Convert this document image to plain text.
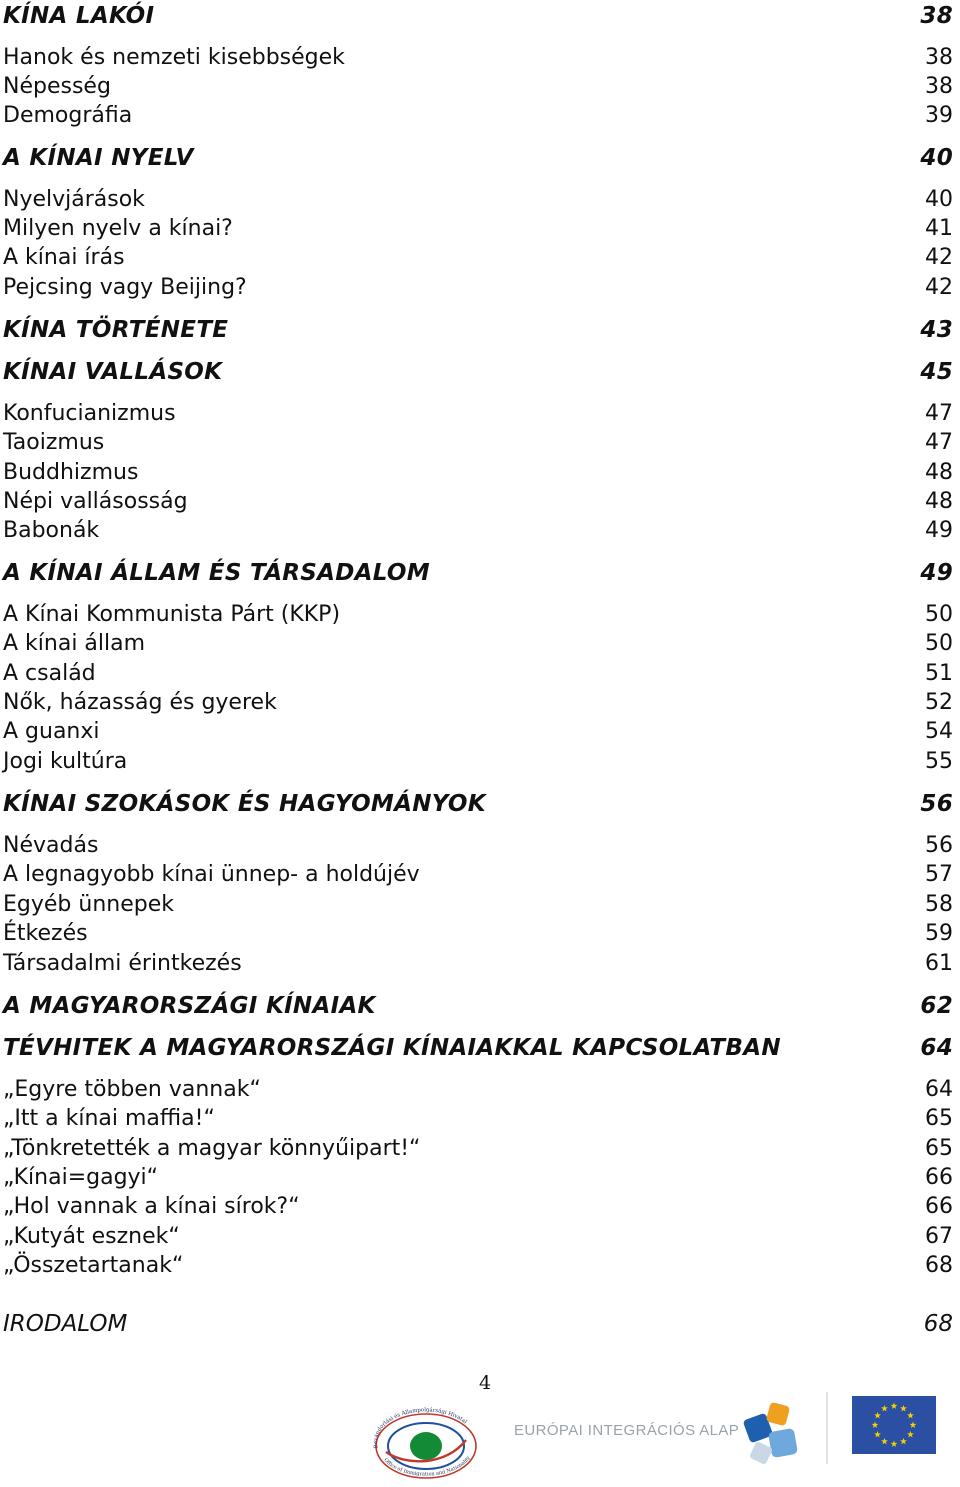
KÍNA LAKÓI	38
Hanok és nemzeti kisebbségek	38
Népesség	38
Demográfia	39
A KÍNAI NYELV	40
Nyelvjárások	40
Milyen nyelv a kínai?	41
A kínai írás	42
Pejcsing vagy Beijing?	42
KÍNA TÖRTÉNETE	43
KÍNAI VALLÁSOK	45
Konfucianizmus	47
Taoizmus	47
Buddhizmus	48
Népi vallásosság	48
Babonák	49
A KÍNAI ÁLLAM ÉS TÁRSADALOM	49
A Kínai Kommunista Párt (KKP)	50
A kínai állam	50
A család	51
Nők, házasság és gyerek	52
A guanxi	54
Jogi kultúra	55
KÍNAI SZOKÁSOK ÉS HAGYOMÁNYOK	56
Névadás	56
A legnagyobb kínai ünnep- a holdújév	57
Egyéb ünnepek	58
Étkezés	59
Társadalmi érintkezés	61
A MAGYARORSZÁGI KÍNAIAK	62
TÉVHITEK A MAGYARORSZÁGI KÍNAIAKKAL KAPCSOLATBAN	64
„Egyre többen vannak“	64
„Itt a kínai maffia!“	65
„Tönkretették a magyar könnyűipart!“	65
„Kínai=gagyi“	66
„Hol vannak a kínai sírok?“	66
„Kutyát esznek“	67
„Összetartanak“	68
IRODALOM	68
4
Bevándorlási és Állampolgársági Hivatal
Office of Immigration and Nationality
EURÓPAI INTEGRÁCIÓS ALAP
